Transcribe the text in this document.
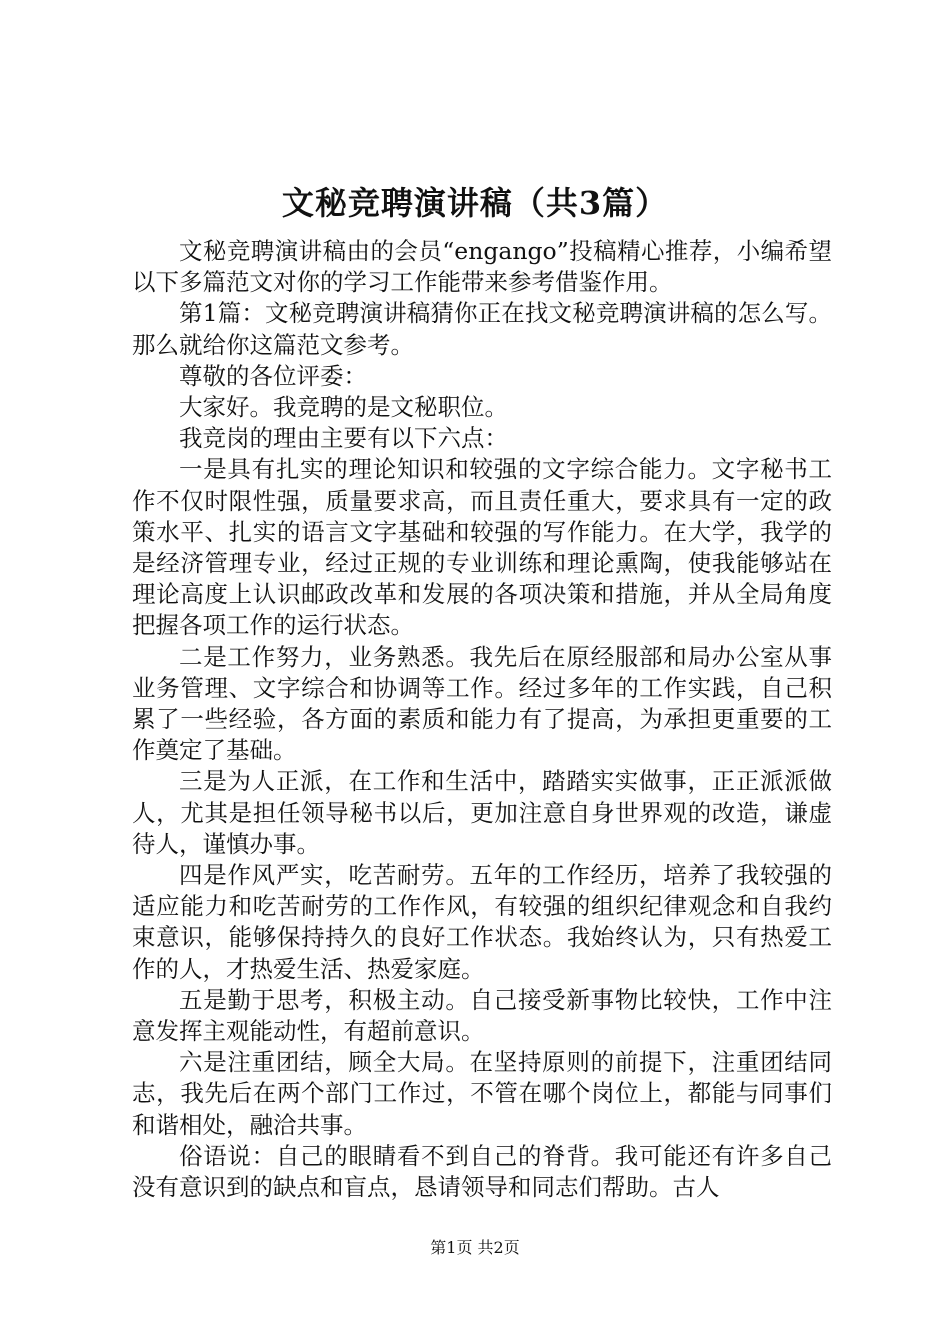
文秘竞聘演讲稿（共3篇）

文秘竞聘演讲稿由的会员“engango”投稿精心推荐，小编希望以下多篇范文对你的学习工作能带来参考借鉴作用。

第1篇：文秘竞聘演讲稿猜你正在找文秘竞聘演讲稿的怎么写。那么就给你这篇范文参考。

尊敬的各位评委：

大家好。我竞聘的是文秘职位。

我竞岗的理由主要有以下六点：

一是具有扎实的理论知识和较强的文字综合能力。文字秘书工作不仅时限性强，质量要求高，而且责任重大，要求具有一定的政策水平、扎实的语言文字基础和较强的写作能力。在大学，我学的是经济管理专业，经过正规的专业训练和理论熏陶，使我能够站在理论高度上认识邮政改革和发展的各项决策和措施，并从全局角度把握各项工作的运行状态。

二是工作努力，业务熟悉。我先后在原经服部和局办公室从事业务管理、文字综合和协调等工作。经过多年的工作实践，自己积累了一些经验，各方面的素质和能力有了提高，为承担更重要的工作奠定了基础。

三是为人正派，在工作和生活中，踏踏实实做事，正正派派做人，尤其是担任领导秘书以后，更加注意自身世界观的改造，谦虚待人，谨慎办事。

四是作风严实，吃苦耐劳。五年的工作经历，培养了我较强的适应能力和吃苦耐劳的工作作风，有较强的组织纪律观念和自我约束意识，能够保持持久的良好工作状态。我始终认为，只有热爱工作的人，才热爱生活、热爱家庭。

五是勤于思考，积极主动。自己接受新事物比较快，工作中注意发挥主观能动性，有超前意识。

六是注重团结，顾全大局。在坚持原则的前提下，注重团结同志，我先后在两个部门工作过，不管在哪个岗位上，都能与同事们和谐相处，融洽共事。

俗语说：自己的眼睛看不到自己的脊背。我可能还有许多自己没有意识到的缺点和盲点，恳请领导和同志们帮助。古人

第1页 共2页
